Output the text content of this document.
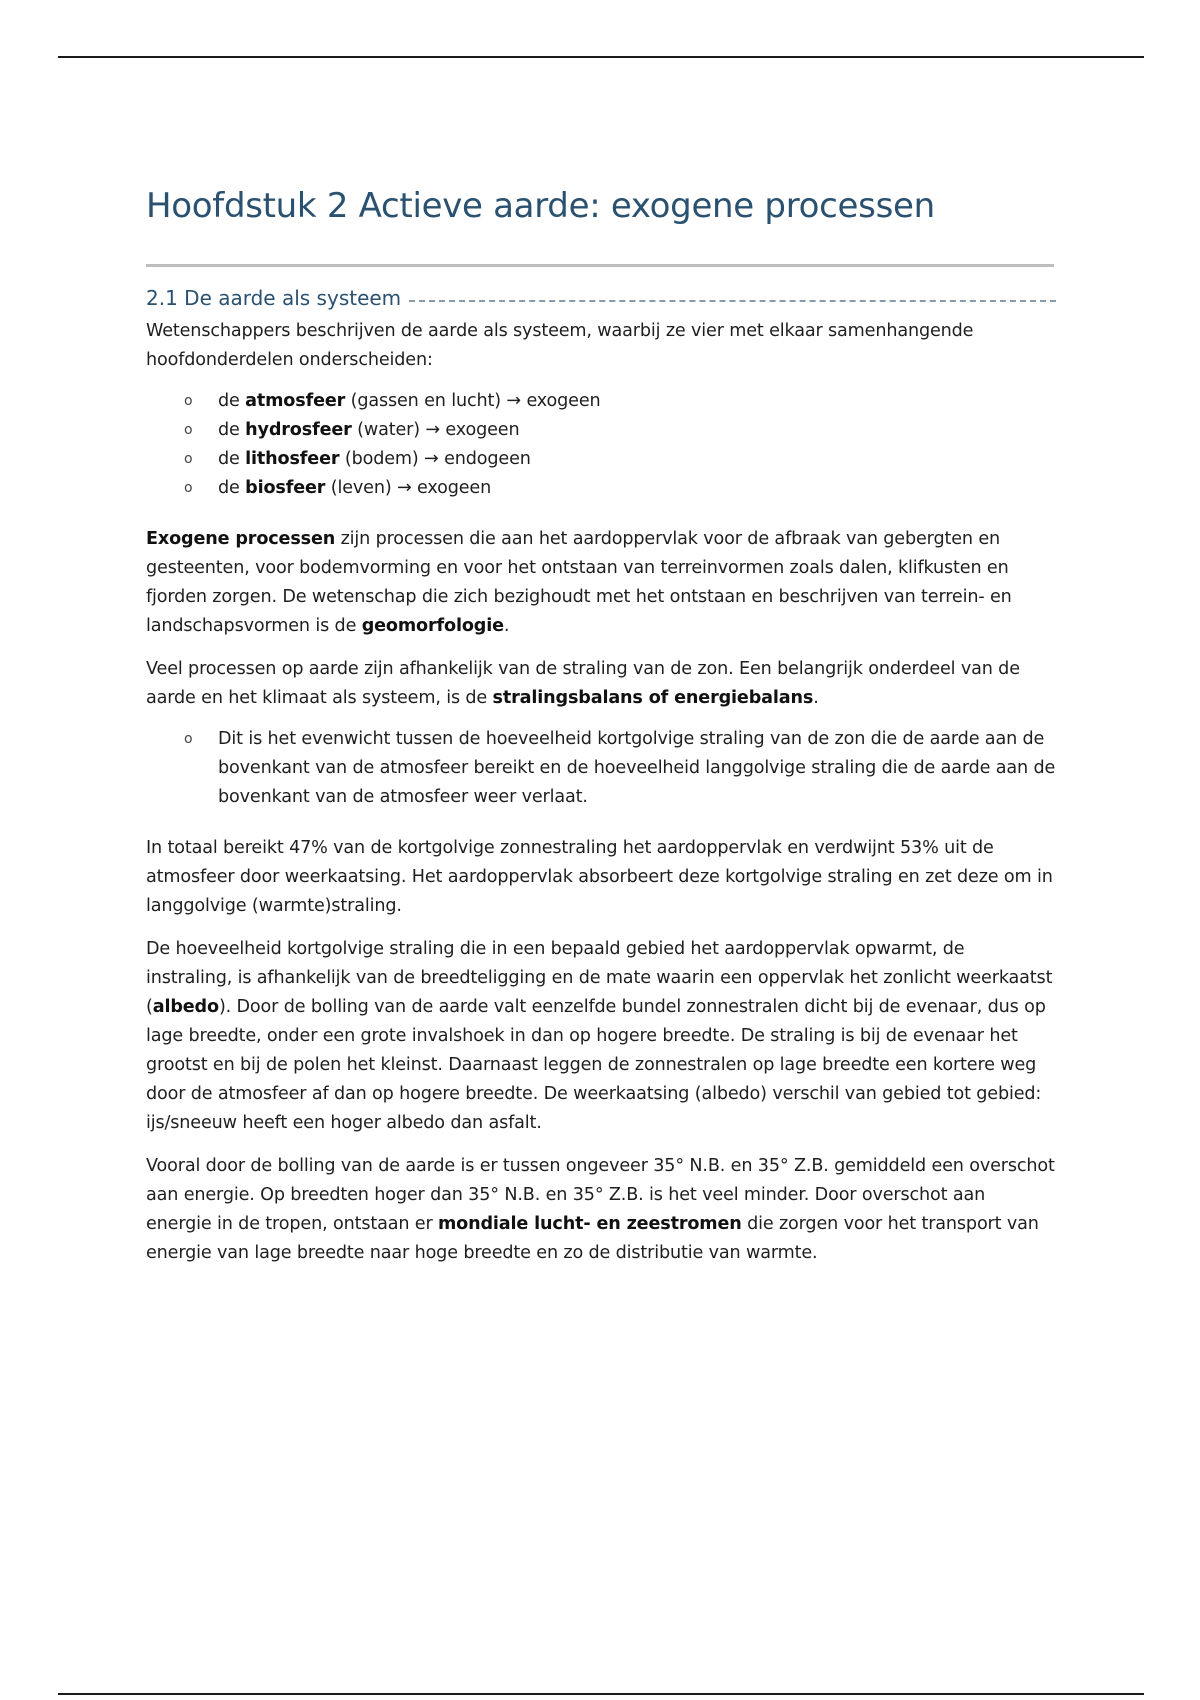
Hoofdstuk 2 Actieve aarde: exogene processen
2.1 De aarde als systeem

Wetenschappers beschrijven de aarde als systeem, waarbij ze vier met elkaar samenhangende hoofdonderdelen onderscheiden:

o de atmosfeer (gassen en lucht) → exogeen
o de hydrosfeer (water) → exogeen
o de lithosfeer (bodem) → endogeen
o de biosfeer (leven) → exogeen

Exogene processen zijn processen die aan het aardoppervlak voor de afbraak van gebergten en gesteenten, voor bodemvorming en voor het ontstaan van terreinvormen zoals dalen, klifkusten en fjorden zorgen. De wetenschap die zich bezighoudt met het ontstaan en beschrijven van terrein- en landschapsvormen is de geomorfologie.

Veel processen op aarde zijn afhankelijk van de straling van de zon. Een belangrijk onderdeel van de aarde en het klimaat als systeem, is de stralingsbalans of energiebalans.

o Dit is het evenwicht tussen de hoeveelheid kortgolvige straling van de zon die de aarde aan de bovenkant van de atmosfeer bereikt en de hoeveelheid langgolvige straling die de aarde aan de bovenkant van de atmosfeer weer verlaat.

In totaal bereikt 47% van de kortgolvige zonnestraling het aardoppervlak en verdwijnt 53% uit de atmosfeer door weerkaatsing. Het aardoppervlak absorbeert deze kortgolvige straling en zet deze om in langgolvige (warmte)straling.

De hoeveelheid kortgolvige straling die in een bepaald gebied het aardoppervlak opwarmt, de instraling, is afhankelijk van de breedteligging en de mate waarin een oppervlak het zonlicht weerkaatst (albedo). Door de bolling van de aarde valt eenzelfde bundel zonnestralen dicht bij de evenaar, dus op lage breedte, onder een grote invalshoek in dan op hogere breedte. De straling is bij de evenaar het grootst en bij de polen het kleinst. Daarnaast leggen de zonnestralen op lage breedte een kortere weg door de atmosfeer af dan op hogere breedte. De weerkaatsing (albedo) verschil van gebied tot gebied: ijs/sneeuw heeft een hoger albedo dan asfalt.

Vooral door de bolling van de aarde is er tussen ongeveer 35° N.B. en 35° Z.B. gemiddeld een overschot aan energie. Op breedten hoger dan 35° N.B. en 35° Z.B. is het veel minder. Door overschot aan energie in de tropen, ontstaan er mondiale lucht- en zeestromen die zorgen voor het transport van energie van lage breedte naar hoge breedte en zo de distributie van warmte.
